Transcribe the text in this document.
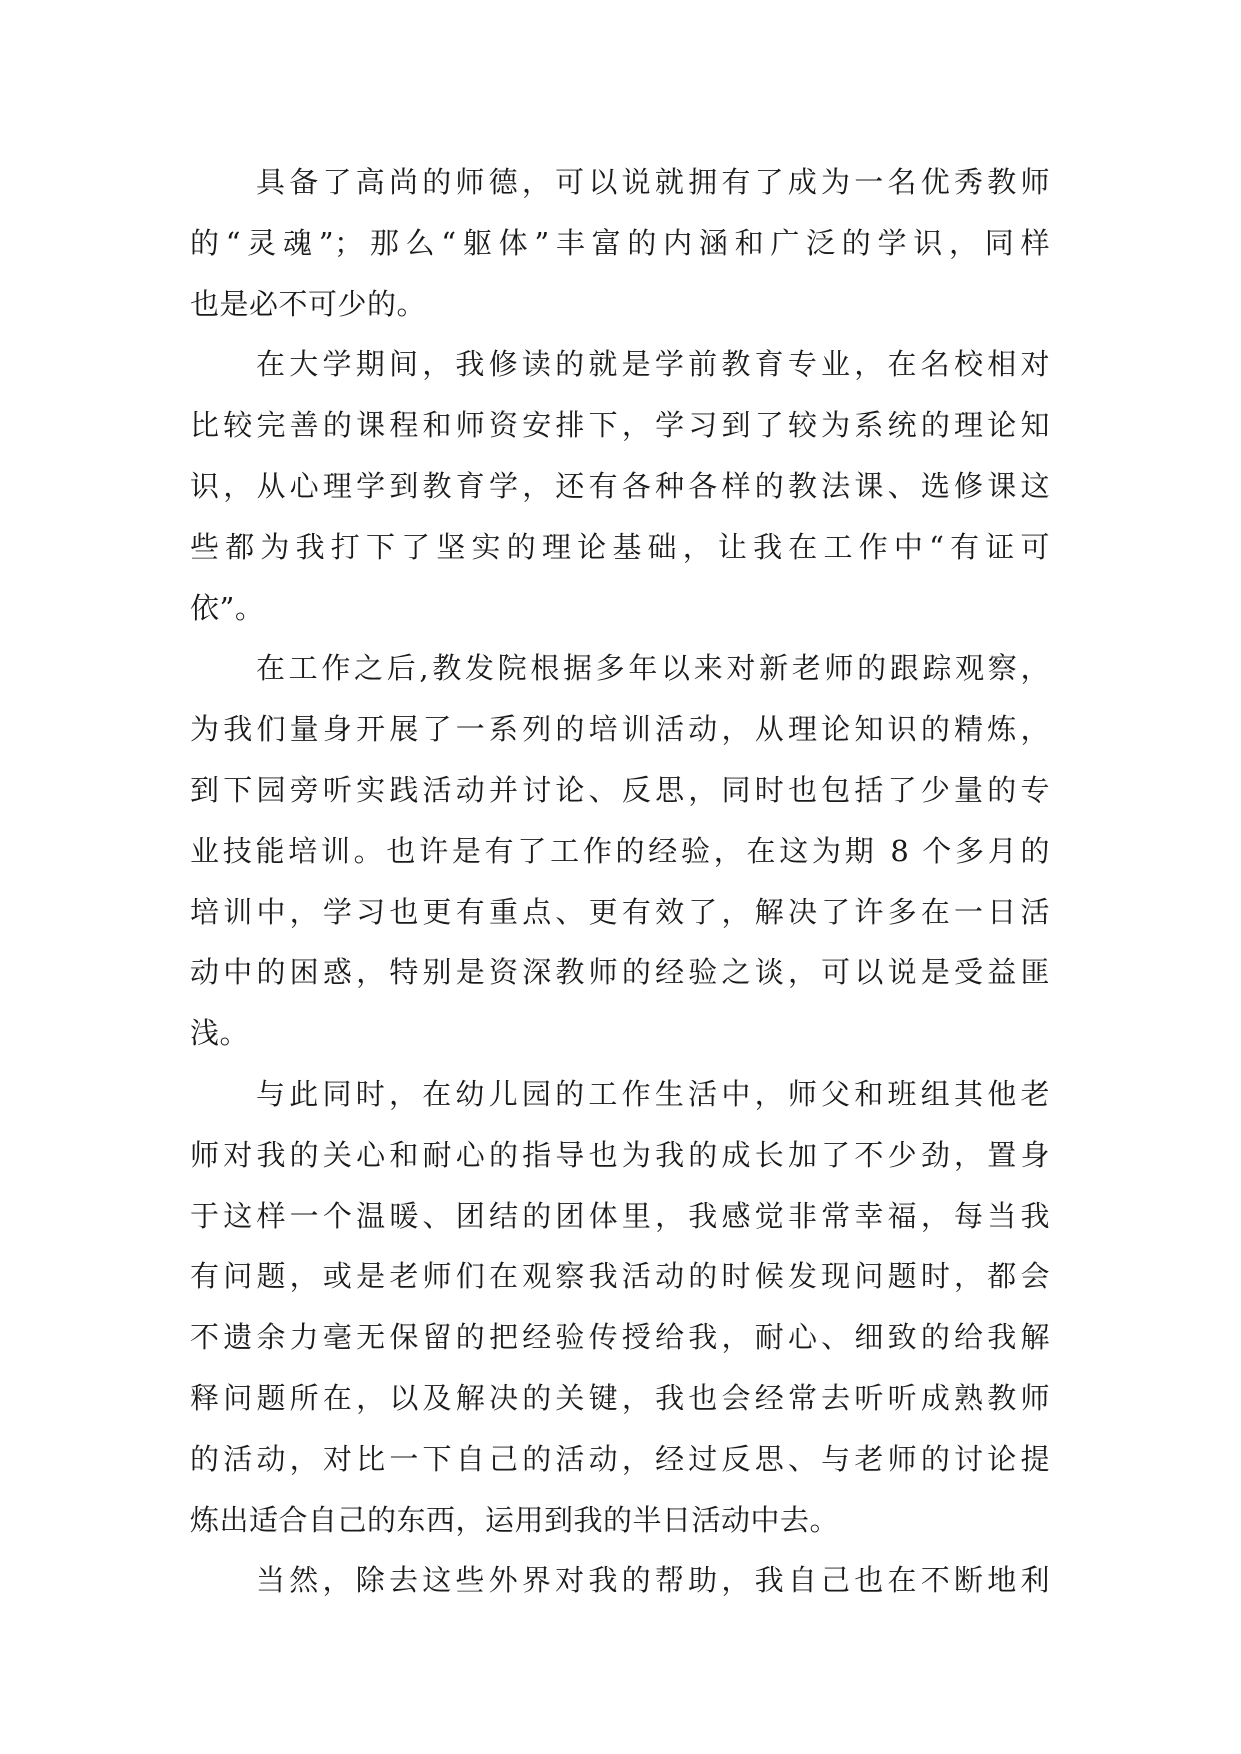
具备了高尚的师德，可以说就拥有了成为一名优秀教师
的“灵魂”；那么“躯体”丰富的内涵和广泛的学识，同样
也是必不可少的。
在大学期间，我修读的就是学前教育专业，在名校相对
比较完善的课程和师资安排下，学习到了较为系统的理论知
识，从心理学到教育学，还有各种各样的教法课、选修课这
些都为我打下了坚实的理论基础，让我在工作中“有证可
依”。
在工作之后,教发院根据多年以来对新老师的跟踪观察，
为我们量身开展了一系列的培训活动，从理论知识的精炼，
到下园旁听实践活动并讨论、反思，同时也包括了少量的专
业技能培训。也许是有了工作的经验，在这为期 8 个多月的
培训中，学习也更有重点、更有效了，解决了许多在一日活
动中的困惑，特别是资深教师的经验之谈，可以说是受益匪
浅。
与此同时，在幼儿园的工作生活中，师父和班组其他老
师对我的关心和耐心的指导也为我的成长加了不少劲，置身
于这样一个温暖、团结的团体里，我感觉非常幸福，每当我
有问题，或是老师们在观察我活动的时候发现问题时，都会
不遗余力毫无保留的把经验传授给我，耐心、细致的给我解
释问题所在，以及解决的关键，我也会经常去听听成熟教师
的活动，对比一下自己的活动，经过反思、与老师的讨论提
炼出适合自己的东西，运用到我的半日活动中去。
当然，除去这些外界对我的帮助，我自己也在不断地利
